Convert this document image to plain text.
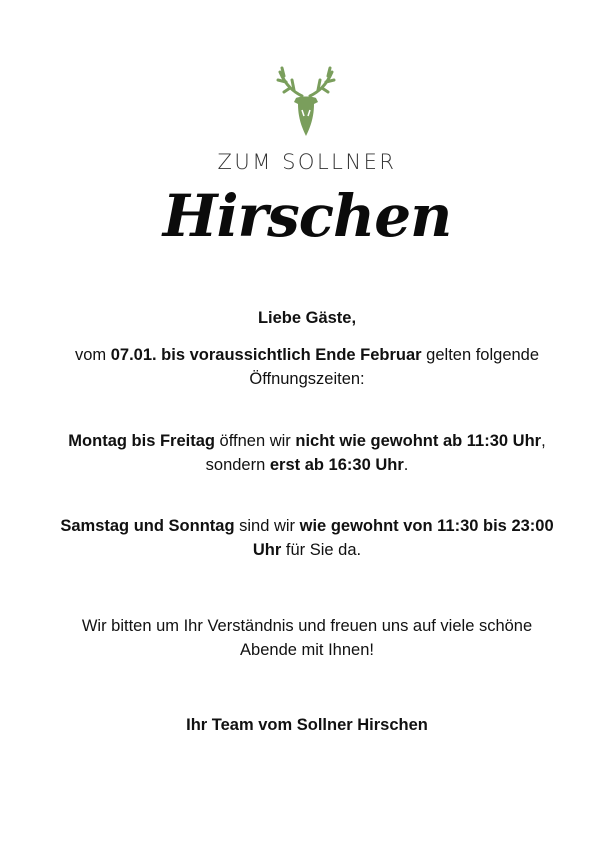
ZUM SOLLNER
Hirschen
Liebe Gäste,
vom 07.01. bis voraussichtlich Ende Februar gelten folgende Öffnungszeiten:
Montag bis Freitag öffnen wir nicht wie gewohnt ab 11:30 Uhr, sondern erst ab 16:30 Uhr.
Samstag und Sonntag sind wir wie gewohnt von 11:30 bis 23:00 Uhr für Sie da.
Wir bitten um Ihr Verständnis und freuen uns auf viele schöne Abende mit Ihnen!
Ihr Team vom Sollner Hirschen
